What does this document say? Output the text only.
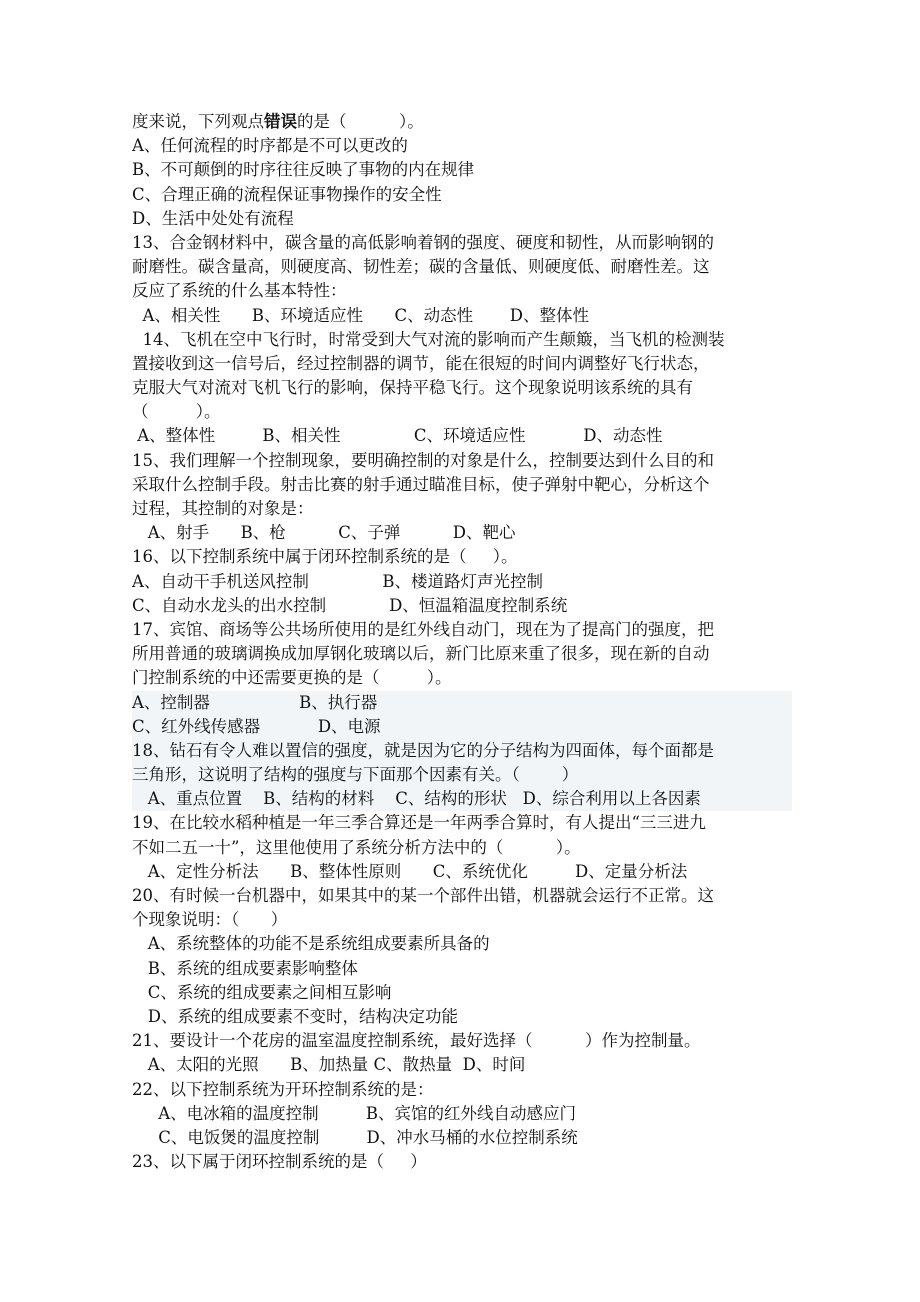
度来说，下列观点错误的是（          ）。
A、任何流程的时序都是不可以更改的
B、不可颠倒的时序往往反映了事物的内在规律
C、合理正确的流程保证事物操作的安全性
D、生活中处处有流程
13、合金钢材料中，碳含量的高低影响着钢的强度、硬度和韧性，从而影响钢的
耐磨性。碳含量高，则硬度高、韧性差；碳的含量低、则硬度低、耐磨性差。这
反应了系统的什么基本特性：
A、相关性      B、环境适应性      C、动态性       D、整体性
14、飞机在空中飞行时，时常受到大气对流的影响而产生颠簸，当飞机的检测装
置接收到这一信号后，经过控制器的调节，能在很短的时间内调整好飞行状态，
克服大气对流对飞机飞行的影响，保持平稳飞行。这个现象说明该系统的具有
（         ）。
A、整体性         B、相关性              C、环境适应性           D、动态性
15、我们理解一个控制现象，要明确控制的对象是什么，控制要达到什么目的和
采取什么控制手段。射击比赛的射手通过瞄准目标，使子弹射中靶心，分析这个
过程，其控制的对象是：
A、射手      B、枪          C、子弹          D、靶心
16、以下控制系统中属于闭环控制系统的是（     ）。
A、自动干手机送风控制              B、楼道路灯声光控制
C、自动水龙头的出水控制            D、恒温箱温度控制系统
17、宾馆、商场等公共场所使用的是红外线自动门，现在为了提高门的强度，把
所用普通的玻璃调换成加厚钢化玻璃以后，新门比原来重了很多，现在新的自动
门控制系统的中还需要更换的是（         ）。
A、控制器                 B、执行器
C、红外线传感器           D、电源
18、钻石有令人难以置信的强度，就是因为它的分子结构为四面体，每个面都是
三角形，这说明了结构的强度与下面那个因素有关。（        ）
A、重点位置    B、结构的材料    C、结构的形状   D、综合利用以上各因素
19、在比较水稻种植是一年三季合算还是一年两季合算时，有人提出“三三进九
不如二五一十”，这里他使用了系统分析方法中的（          ）。
A、定性分析法      B、整体性原则      C、系统优化         D、定量分析法
20、有时候一台机器中，如果其中的某一个部件出错，机器就会运行不正常。这
个现象说明：（      ）
A、系统整体的功能不是系统组成要素所具备的
B、系统的组成要素影响整体
C、系统的组成要素之间相互影响
D、系统的组成要素不变时，结构决定功能
21、要设计一个花房的温室温度控制系统，最好选择（          ）作为控制量。
A、太阳的光照      B、加热量 C、散热量  D、时间
22、以下控制系统为开环控制系统的是：
A、电冰箱的温度控制         B、宾馆的红外线自动感应门
C、电饭煲的温度控制         D、冲水马桶的水位控制系统
23、以下属于闭环控制系统的是（     ）
